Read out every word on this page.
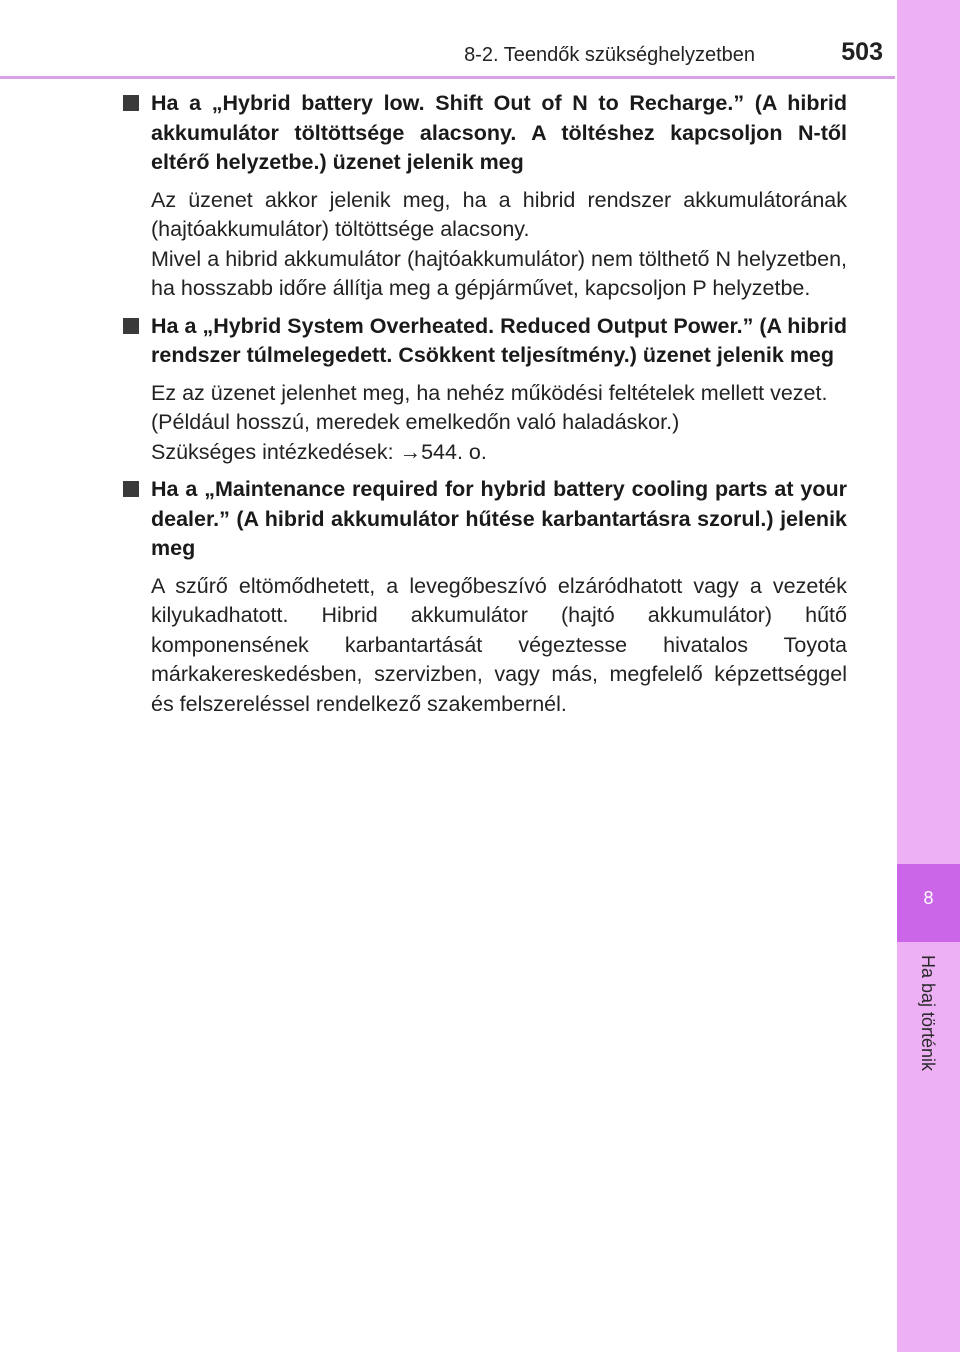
8-2. Teendők szükséghelyzetben	503
8
Ha baj történik
Ha a „Hybrid battery low. Shift Out of N to Recharge.” (A hibrid akkumulátor töltöttsége alacsony. A töltéshez kapcsoljon N-től eltérő helyzetbe.) üzenet jelenik meg

Az üzenet akkor jelenik meg, ha a hibrid rendszer akkumulátorának (hajtóakkumulátor) töltöttsége alacsony.

Mivel a hibrid akkumulátor (hajtóakkumulátor) nem tölthető N helyzetben, ha hosszabb időre állítja meg a gépjárművet, kapcsoljon P helyzetbe.

Ha a „Hybrid System Overheated. Reduced Output Power.” (A hibrid rendszer túlmelegedett. Csökkent teljesítmény.) üzenet jelenik meg

Ez az üzenet jelenhet meg, ha nehéz működési feltételek mellett vezet.

(Például hosszú, meredek emelkedőn való haladáskor.)

Szükséges intézkedések: →544. o.

Ha a „Maintenance required for hybrid battery cooling parts at your dealer.” (A hibrid akkumulátor hűtése karbantartásra szorul.) jelenik meg

A szűrő eltömődhetett, a levegőbeszívó elzáródhatott vagy a vezeték kilyukadhatott. Hibrid akkumulátor (hajtó akkumulátor) hűtő komponensének karbantartását végeztesse hivatalos Toyota márkakereskedésben, szervizben, vagy más, megfelelő képzettséggel és felszereléssel rendelkező szakembernél.
